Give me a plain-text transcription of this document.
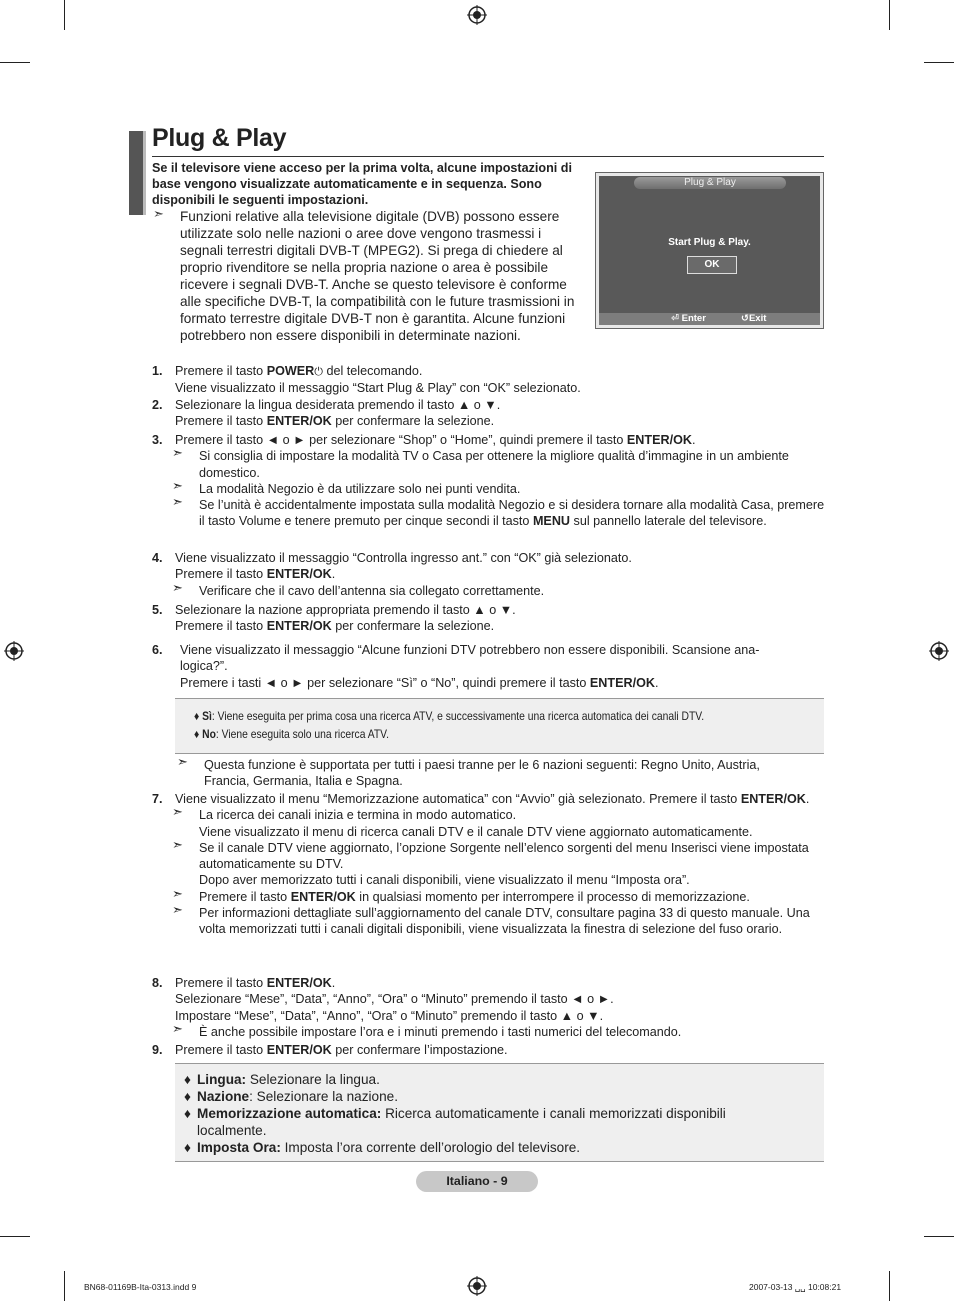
Plug & Play
Se il televisore viene acceso per la prima volta, alcune impostazioni di base vengono visualizzate automaticamente e in sequenza. Sono disponibili le seguenti impostazioni.
➣ Funzioni relative alla televisione digitale (DVB) possono essere utilizzate solo nelle nazioni o aree dove vengono trasmessi i segnali terrestri digitali DVB-T (MPEG2). Si prega di chiedere al proprio rivenditore se nella propria nazione o area è possibile ricevere i segnali DVB-T. Anche se questo televisore è conforme alle specifiche DVB-T, la compatibilità con le future trasmissioni in formato terrestre digitale DVB-T non è garantita. Alcune funzioni potrebbero non essere disponibili in determinate nazioni.
Plug & Play
Start Plug & Play.
OK
⏎ Enter	↺Exit
1. Premere il tasto POWER⏻ del telecomando.
Viene visualizzato il messaggio “Start Plug & Play” con “OK” selezionato.
2. Selezionare la lingua desiderata premendo il tasto ▲ o ▼.
Premere il tasto ENTER/OK per confermare la selezione.
3. Premere il tasto ◄ o ► per selezionare “Shop” o “Home”, quindi premere il tasto ENTER/OK.
➣ Si consiglia di impostare la modalità TV o Casa per ottenere la migliore qualità d’immagine in un ambiente domestico.
➣ La modalità Negozio è da utilizzare solo nei punti vendita.
➣ Se l’unità è accidentalmente impostata sulla modalità Negozio e si desidera tornare alla modalità Casa, premere il tasto Volume e tenere premuto per cinque secondi il tasto MENU sul pannello laterale del televisore.
4. Viene visualizzato il messaggio “Controlla ingresso ant.” con “OK” già selezionato.
Premere il tasto ENTER/OK.
➣ Verificare che il cavo dell’antenna sia collegato correttamente.
5. Selezionare la nazione appropriata premendo il tasto ▲ o ▼.
Premere il tasto ENTER/OK per confermare la selezione.
6. Viene visualizzato il messaggio “Alcune funzioni DTV potrebbero non essere disponibili. Scansione ana-logica?”.
Premere i tasti ◄ o ► per selezionare “Sì” o “No”, quindi premere il tasto ENTER/OK.
♦ Sì: Viene eseguita per prima cosa una ricerca ATV, e successivamente una ricerca automatica dei canali DTV.
♦ No: Viene eseguita solo una ricerca ATV.
➣ Questa funzione è supportata per tutti i paesi tranne per le 6 nazioni seguenti: Regno Unito, Austria, Francia, Germania, Italia e Spagna.
7. Viene visualizzato il menu “Memorizzazione automatica” con “Avvio” già selezionato. Premere il tasto ENTER/OK.
➣ La ricerca dei canali inizia e termina in modo automatico.
Viene visualizzato il menu di ricerca canali DTV e il canale DTV viene aggiornato automaticamente.
➣ Se il canale DTV viene aggiornato, l’opzione Sorgente nell’elenco sorgenti del menu Inserisci viene impostata automaticamente su DTV.
Dopo aver memorizzato tutti i canali disponibili, viene visualizzato il menu “Imposta ora”.
➣ Premere il tasto ENTER/OK in qualsiasi momento per interrompere il processo di memorizzazione.
➣ Per informazioni dettagliate sull’aggiornamento del canale DTV, consultare pagina 33 di questo manuale. Una volta memorizzati tutti i canali digitali disponibili, viene visualizzata la finestra di selezione del fuso orario.
8. Premere il tasto ENTER/OK.
Selezionare “Mese”, “Data”, “Anno”, “Ora” o “Minuto” premendo il tasto ◄ o ►.
Impostare “Mese”, “Data”, “Anno”, “Ora” o “Minuto” premendo il tasto ▲ o ▼.
➣ È anche possibile impostare l’ora e i minuti premendo i tasti numerici del telecomando.
9. Premere il tasto ENTER/OK per confermare l’impostazione.
♦ Lingua: Selezionare la lingua.
♦ Nazione: Selezionare la nazione.
♦ Memorizzazione automatica: Ricerca automaticamente i canali memorizzati disponibili localmente.
♦ Imposta Ora: Imposta l’ora corrente dell’orologio del televisore.
Italiano - 9
BN68-01169B-Ita-0313.indd 9	2007-03-13 ␣␣ 10:08:21
